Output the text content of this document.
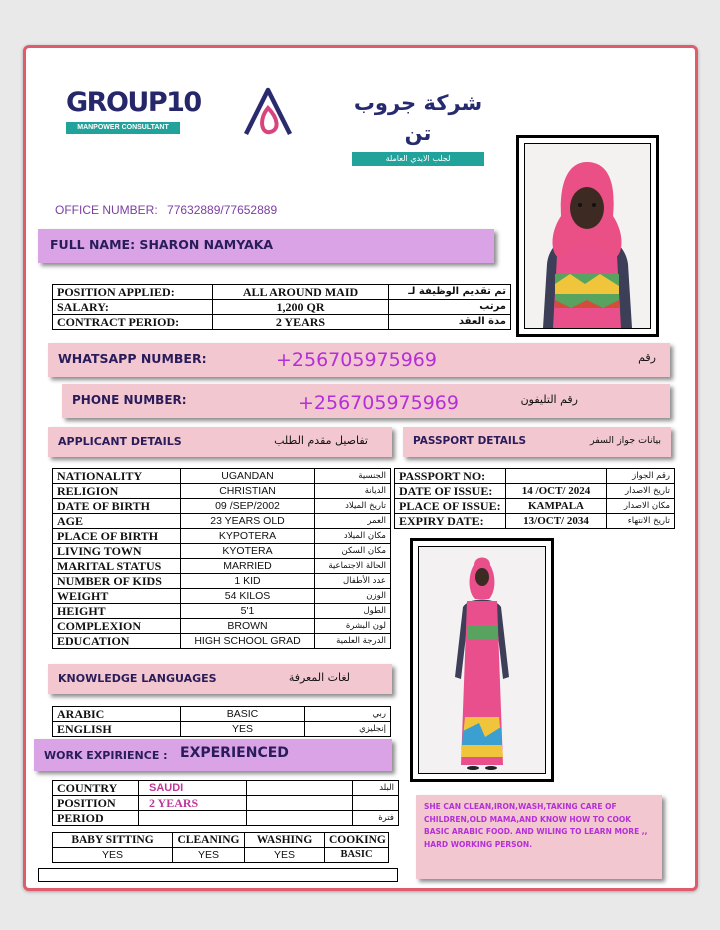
GROUP10
MANPOWER CONSULTANT
شركة جروب تن
لجلب الايدي العاملة
OFFICE NUMBER: 77632889/77652889
FULL NAME: SHARON NAMYAKA
POSITION APPLIED:	ALL AROUND MAID	تم تقديم الوظيفة لـ
SALARY:	1,200 QR	مرتب
CONTRACT PERIOD:	2 YEARS	مدة العقد
WHATSAPP NUMBER:	+256705975969	رقم
PHONE NUMBER:	+256705975969	رقم التليفون
APPLICANT DETAILS	تفاصيل مقدم الطلب	PASSPORT DETAILS	بيانات جواز السفر
NATIONALITY	UGANDAN	الجنسية
RELIGION	CHRISTIAN	الديانة
DATE OF BIRTH	09 /SEP/2002	تاريخ الميلاد
AGE	23 YEARS OLD	العمر
PLACE OF BIRTH	KYPOTERA	مكان الميلاد
LIVING TOWN	KYOTERA	مكان السكن
MARITAL STATUS	MARRIED	الحالة الاجتماعية
NUMBER OF KIDS	1 KID	عدد الأطفال
WEIGHT	54 KILOS	الوزن
HEIGHT	5'1	الطول
COMPLEXION	BROWN	لون البشرة
EDUCATION	HIGH SCHOOL GRAD	الدرجة العلمية
PASSPORT NO:		رقم الجواز
DATE OF ISSUE:	14 /OCT/ 2024	تاريخ الاصدار
PLACE OF ISSUE:	KAMPALA	مكان الاصدار
EXPIRY DATE:	13/OCT/ 2034	تاريخ الانتهاء
KNOWLEDGE LANGUAGES	لغات المعرفة
ARABIC	BASIC	ربي
ENGLISH	YES	إنجليزي
WORK EXPIRIENCE : EXPERIENCED
COUNTRY	SAUDI		البلد
POSITION	2 YEARS		
PERIOD			فترة
BABY SITTING	CLEANING	WASHING	COOKING
YES	YES	YES	BASIC
SHE CAN CLEAN,IRON,WASH,TAKING CARE OF CHILDREN,OLD MAMA,AND KNOW HOW TO COOK BASIC ARABIC FOOD. AND WILING TO LEARN MORE ,, HARD WORKING PERSON.
